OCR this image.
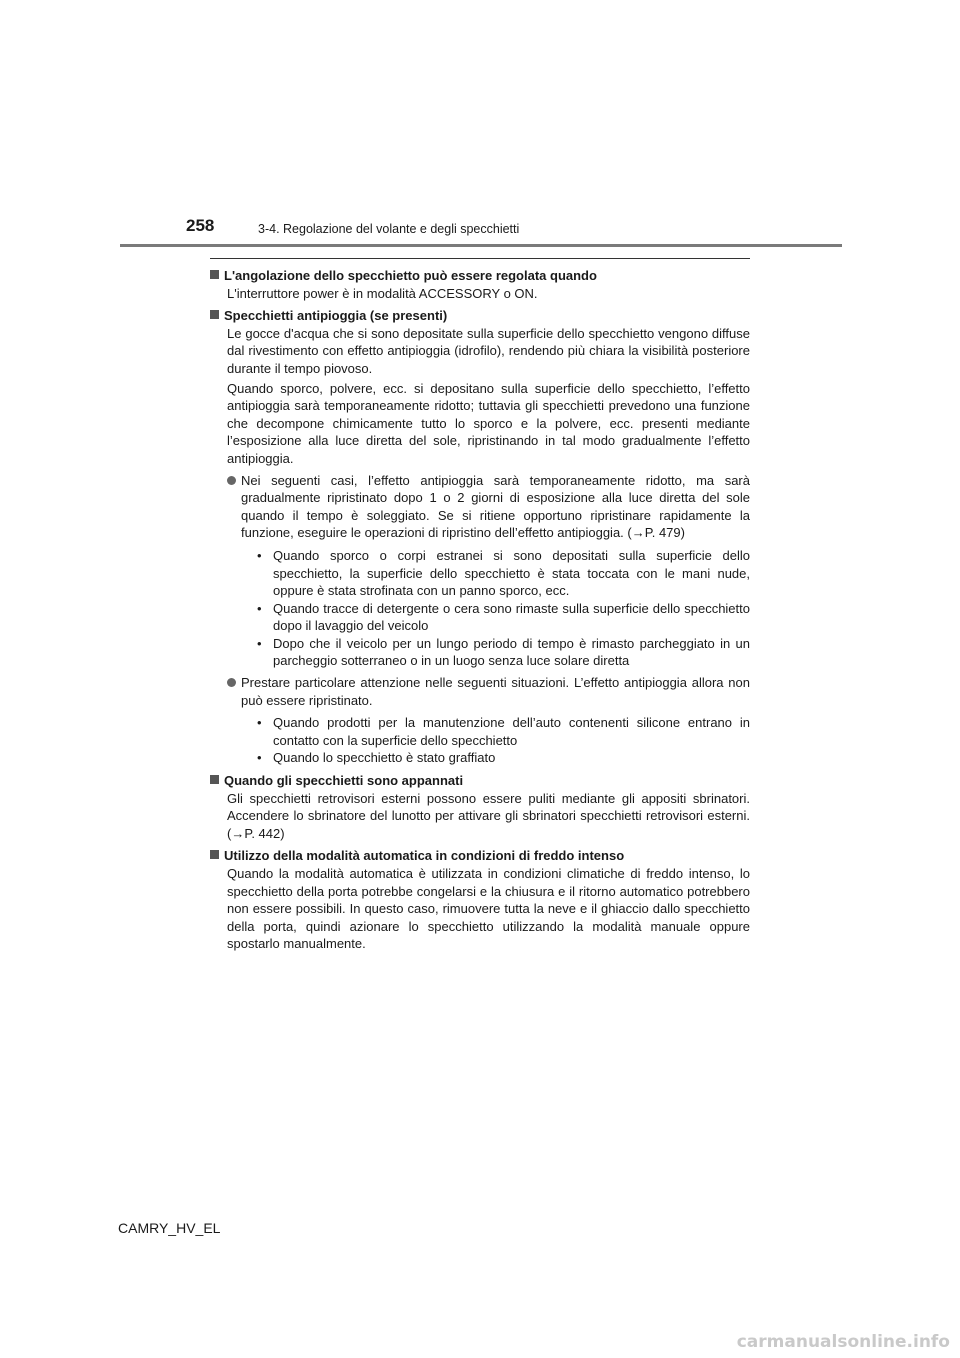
258	3-4. Regolazione del volante e degli specchietti
L'angolazione dello specchietto può essere regolata quando

L'interruttore power è in modalità ACCESSORY o ON.

Specchietti antipioggia (se presenti)

Le gocce d'acqua che si sono depositate sulla superficie dello specchietto vengono diffuse dal rivestimento con effetto antipioggia (idrofilo), rendendo più chiara la visibilità posteriore durante il tempo piovoso.

Quando sporco, polvere, ecc. si depositano sulla superficie dello specchietto, l’effetto antipioggia sarà temporaneamente ridotto; tuttavia gli specchietti prevedono una funzione che decompone chimicamente tutto lo sporco e la polvere, ecc. presenti mediante l’esposizione alla luce diretta del sole, ripristinando in tal modo gradualmente l’effetto antipioggia.

Nei seguenti casi, l’effetto antipioggia sarà temporaneamente ridotto, ma sarà gradualmente ripristinato dopo 1 o 2 giorni di esposizione alla luce diretta del sole quando il tempo è soleggiato. Se si ritiene opportuno ripristinare rapidamente la funzione, eseguire le operazioni di ripristino dell’effetto antipioggia. (→P. 479)
• Quando sporco o corpi estranei si sono depositati sulla superficie dello specchietto, la superficie dello specchietto è stata toccata con le mani nude, oppure è stata strofinata con un panno sporco, ecc.
• Quando tracce di detergente o cera sono rimaste sulla superficie dello specchietto dopo il lavaggio del veicolo
• Dopo che il veicolo per un lungo periodo di tempo è rimasto parcheggiato in un parcheggio sotterraneo o in un luogo senza luce solare diretta
Prestare particolare attenzione nelle seguenti situazioni. L’effetto antipioggia allora non può essere ripristinato.
• Quando prodotti per la manutenzione dell’auto contenenti silicone entrano in contatto con la superficie dello specchietto
• Quando lo specchietto è stato graffiato
Quando gli specchietti sono appannati

Gli specchietti retrovisori esterni possono essere puliti mediante gli appositi sbrinatori. Accendere lo sbrinatore del lunotto per attivare gli sbrinatori specchietti retrovisori esterni. (→P. 442)

Utilizzo della modalità automatica in condizioni di freddo intenso

Quando la modalità automatica è utilizzata in condizioni climatiche di freddo intenso, lo specchietto della porta potrebbe congelarsi e la chiusura e il ritorno automatico potrebbero non essere possibili. In questo caso, rimuovere tutta la neve e il ghiaccio dallo specchietto della porta, quindi azionare lo specchietto utilizzando la modalità manuale oppure spostarlo manualmente.

CAMRY_HV_EL
carmanualsonline.info
